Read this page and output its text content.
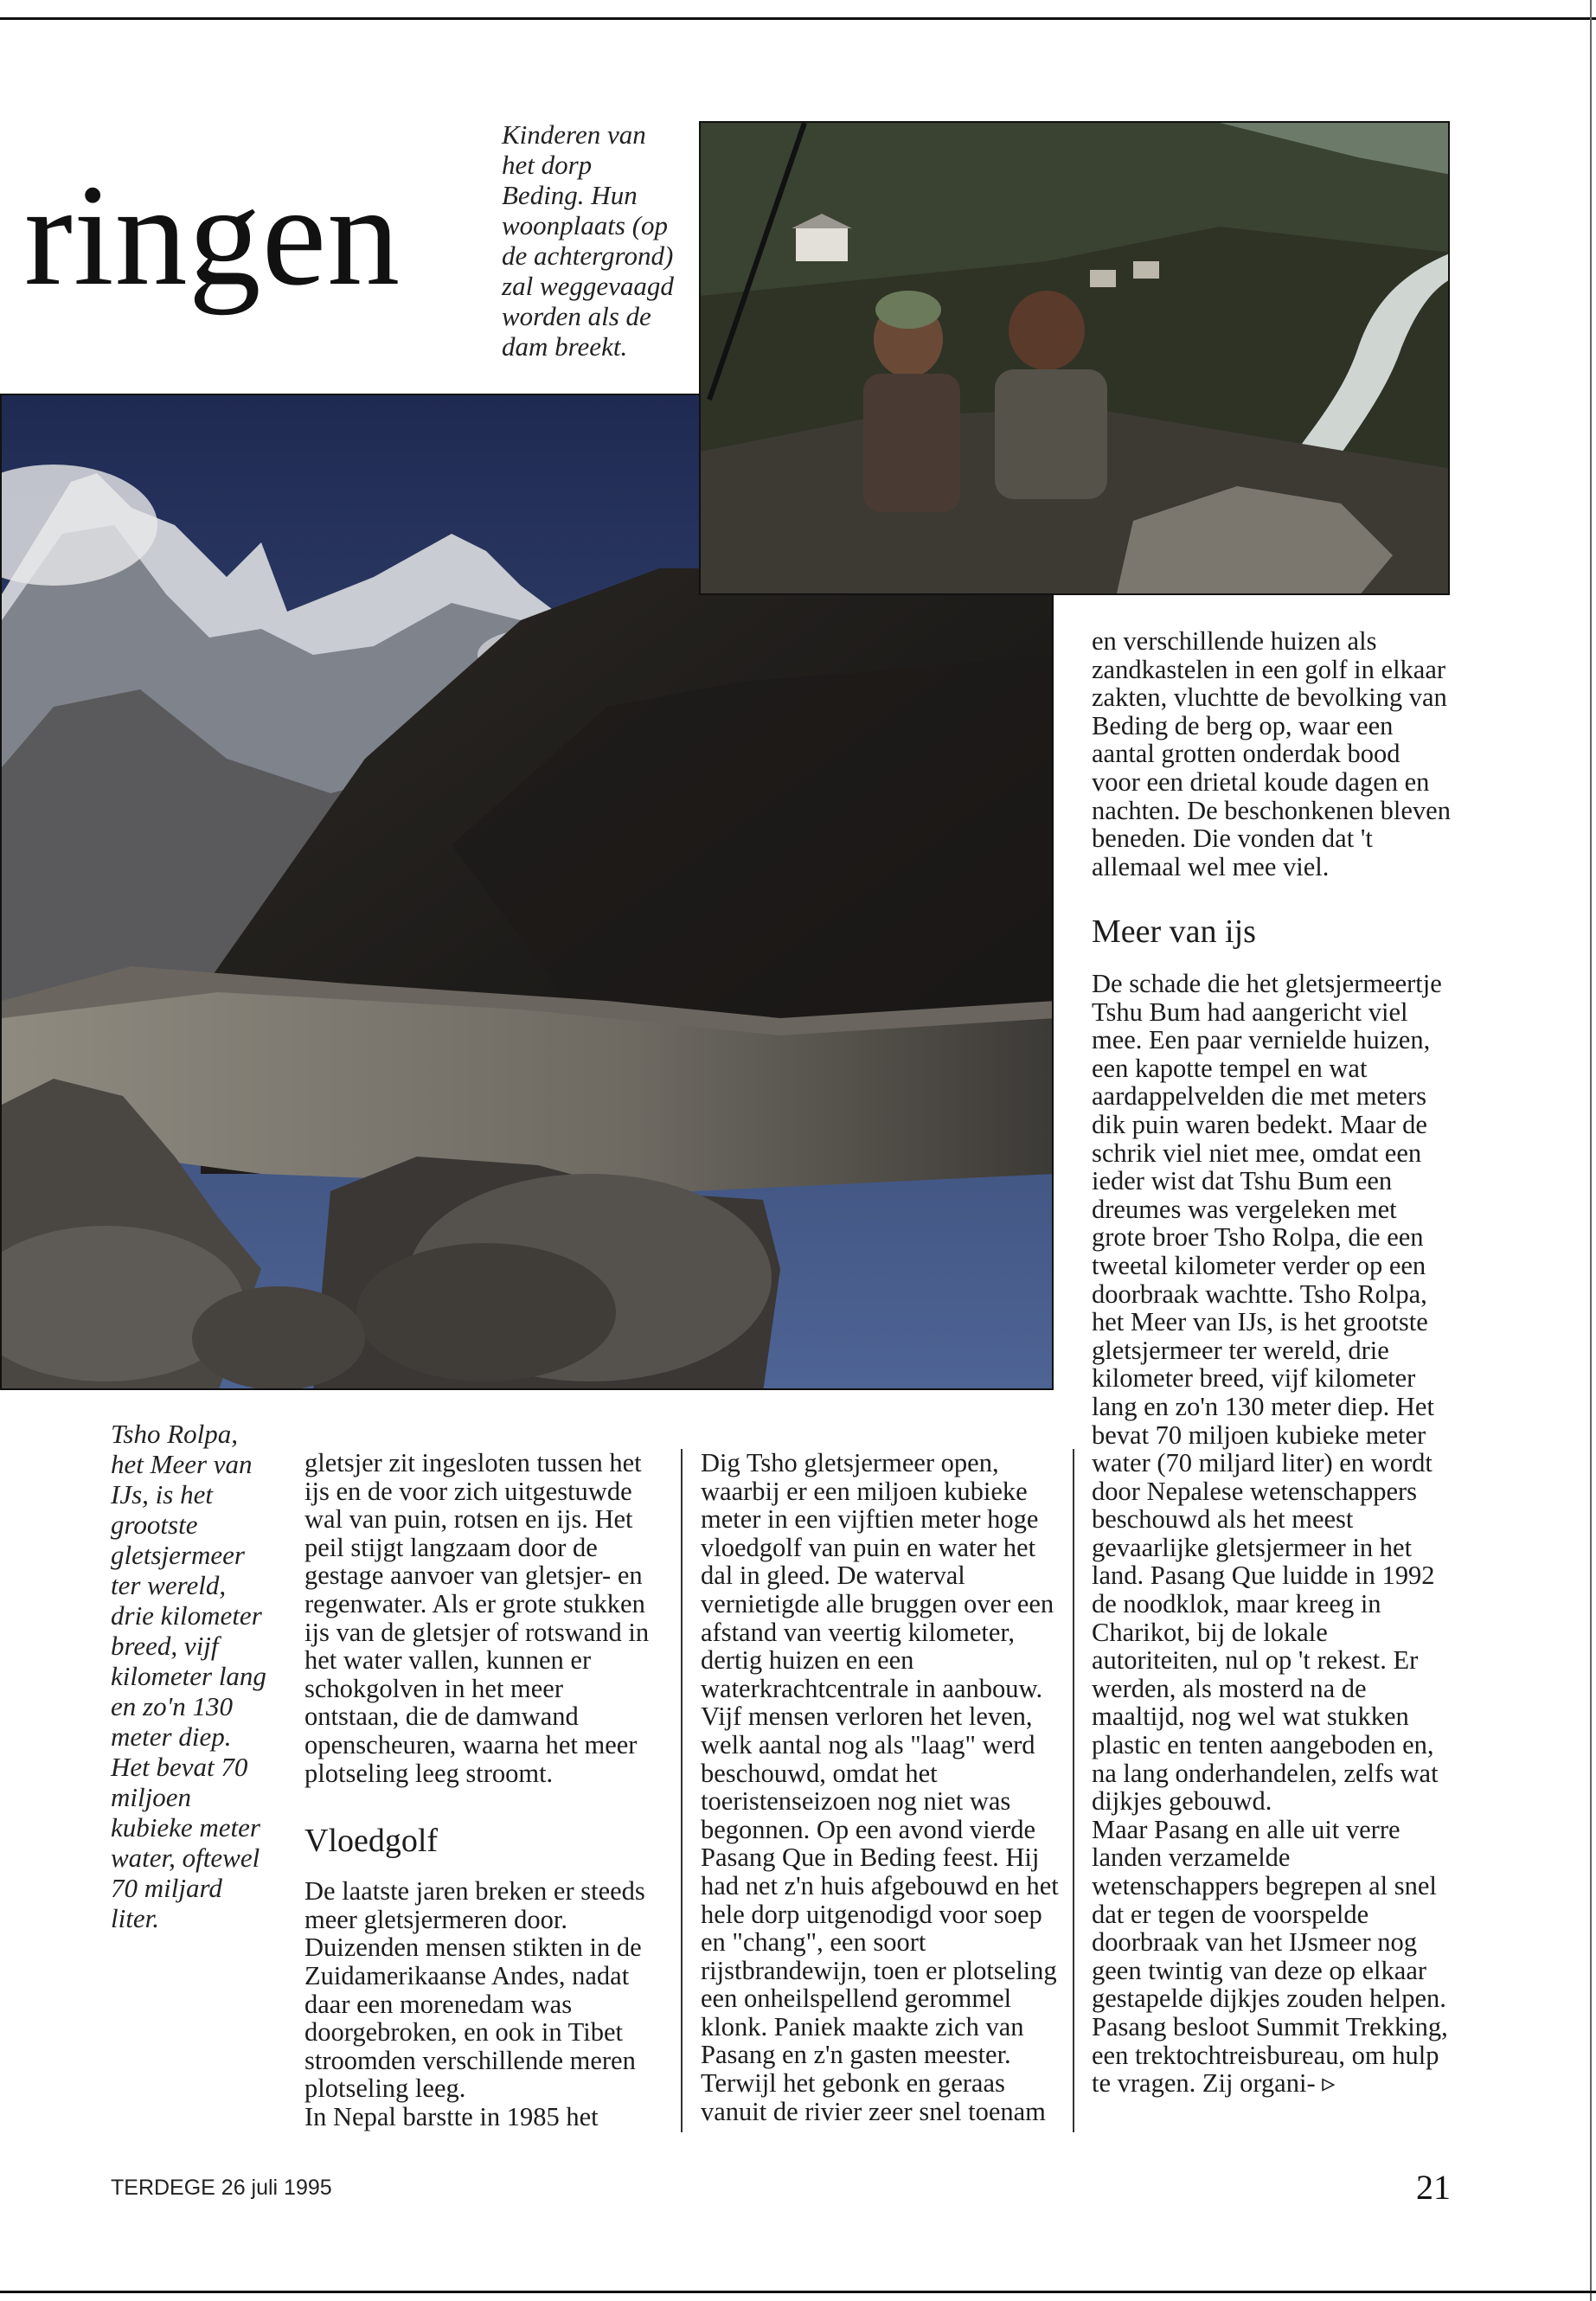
ringen
Kinderen van het dorp Beding. Hun woonplaats (op de achtergrond) zal weggevaagd worden als de dam breekt.

en verschillende huizen als zandkastelen in een golf in elkaar zakten, vluchtte de bevolking van Beding de berg op, waar een aantal grotten onderdak bood voor een drietal koude dagen en nachten. De beschonkenen bleven beneden. Die vonden dat 't allemaal wel mee viel.

Meer van ijs

De schade die het gletsjermeertje Tshu Bum had aangericht viel mee. Een paar vernielde huizen, een kapotte tempel en wat aardappelvelden die met meters dik puin waren bedekt. Maar de schrik viel niet mee, omdat een ieder wist dat Tshu Bum een dreumes was vergeleken met grote broer Tsho Rolpa, die een tweetal kilometer verder op een doorbraak wachtte. Tsho Rolpa, het Meer van IJs, is het grootste gletsjermeer ter wereld, drie kilometer breed, vijf kilometer lang en zo'n 130 meter diep. Het bevat 70 miljoen kubieke meter water (70 miljard liter) en wordt door Nepalese wetenschappers beschouwd als het meest gevaarlijke gletsjermeer in het land. Pasang Que luidde in 1992 de noodklok, maar kreeg in Charikot, bij de lokale autoriteiten, nul op 't rekest. Er werden, als mosterd na de maaltijd, nog wel wat stukken plastic en tenten aangeboden en, na lang onderhandelen, zelfs wat dijkjes gebouwd.

Maar Pasang en alle uit verre landen verzamelde wetenschappers begrepen al snel dat er tegen de voorspelde doorbraak van het IJsmeer nog geen twintig van deze op elkaar gestapelde dijkjes zouden helpen.

Pasang besloot Summit Trekking, een trektochtreisbureau, om hulp te vragen. Zij organi- ▹

Tsho Rolpa, het Meer van IJs, is het grootste gletsjermeer ter wereld, drie kilometer breed, vijf kilometer lang en zo'n 130 meter diep. Het bevat 70 miljoen kubieke meter water, oftewel 70 miljard liter.

gletsjer zit ingesloten tussen het ijs en de voor zich uitgestuwde wal van puin, rotsen en ijs. Het peil stijgt langzaam door de gestage aanvoer van gletsjer- en regenwater. Als er grote stukken ijs van de gletsjer of rotswand in het water vallen, kunnen er schokgolven in het meer ontstaan, die de damwand openscheuren, waarna het meer plotseling leeg stroomt.

Vloedgolf

De laatste jaren breken er steeds meer gletsjermeren door. Duizenden mensen stikten in de Zuidamerikaanse Andes, nadat daar een morenedam was doorgebroken, en ook in Tibet stroomden verschillende meren plotseling leeg.

In Nepal barstte in 1985 het

Dig Tsho gletsjermeer open, waarbij er een miljoen kubieke meter in een vijftien meter hoge vloedgolf van puin en water het dal in gleed. De waterval vernietigde alle bruggen over een afstand van veertig kilometer, dertig huizen en een waterkrachtcentrale in aanbouw. Vijf mensen verloren het leven, welk aantal nog als "laag" werd beschouwd, omdat het toeristenseizoen nog niet was begonnen. Op een avond vierde Pasang Que in Beding feest. Hij had net z'n huis afgebouwd en het hele dorp uitgenodigd voor soep en "chang", een soort rijstbrandewijn, toen er plotseling een onheilspellend gerommel klonk. Paniek maakte zich van Pasang en z'n gasten meester. Terwijl het gebonk en geraas vanuit de rivier zeer snel toenam

TERDEGE 26 juli 1995	21
